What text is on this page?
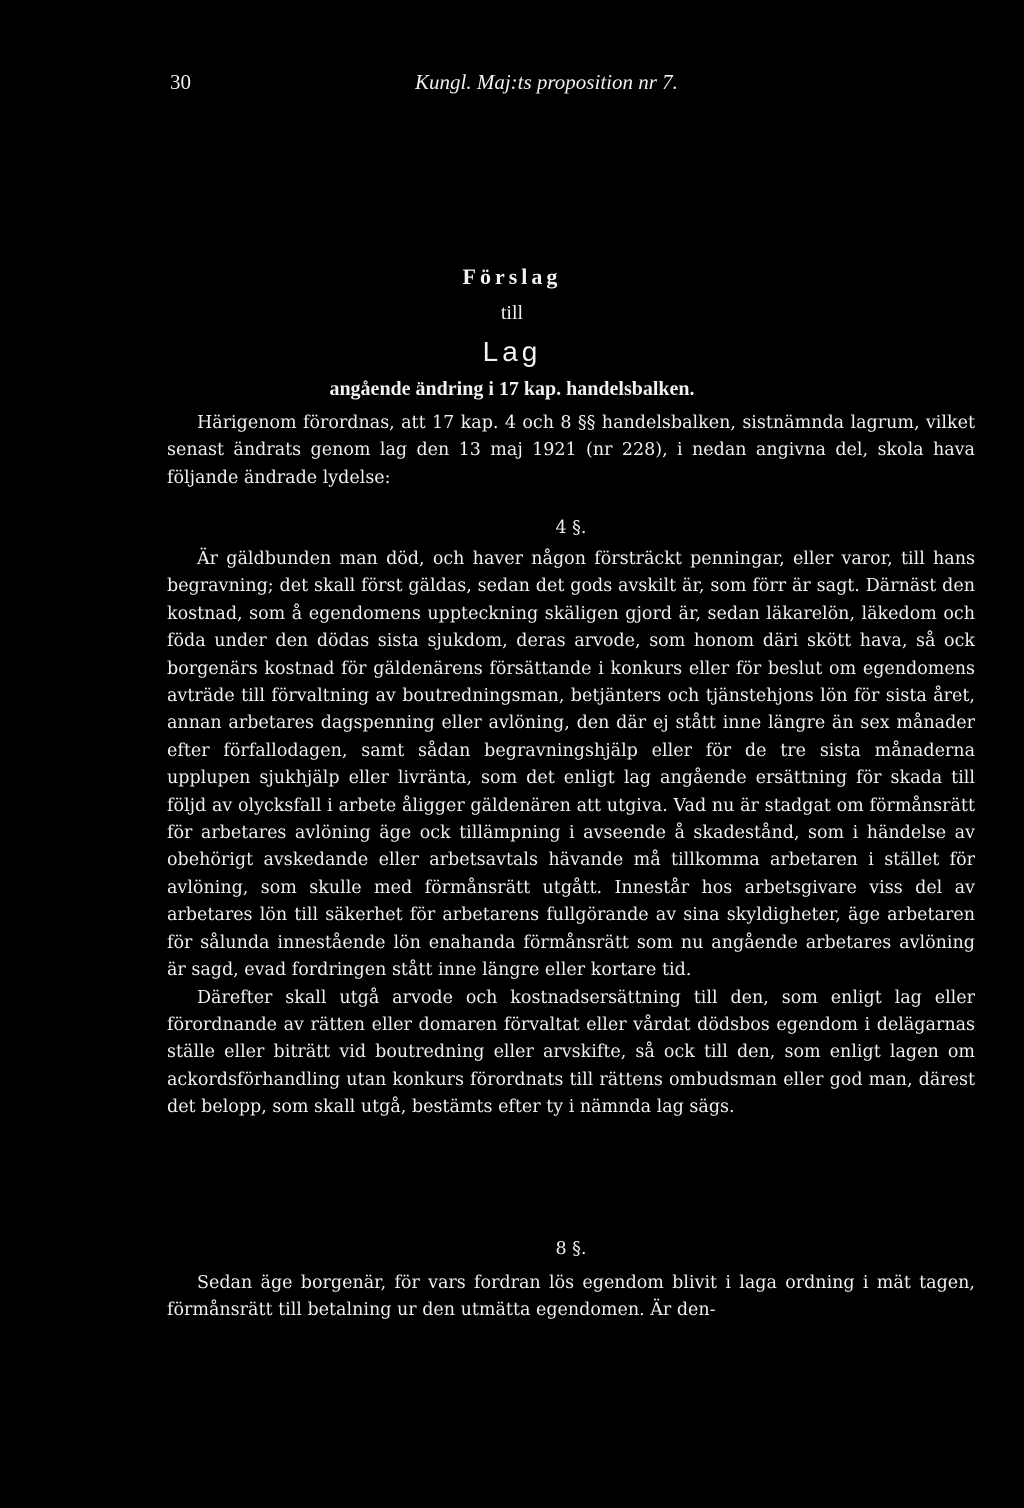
30	Kungl. Maj:ts proposition nr 7.
Förslag
till
Lag
angående ändring i 17 kap. handelsbalken.

Härigenom förordnas, att 17 kap. 4 och 8 §§ handelsbalken, sistnämnda lagrum, vilket senast ändrats genom lag den 13 maj 1921 (nr 228), i nedan angivna del, skola hava följande ändrade lydelse:

4 §.

Är gäldbunden man död, och haver någon försträckt penningar, eller varor, till hans begravning; det skall först gäldas, sedan det gods avskilt är, som förr är sagt. Därnäst den kostnad, som å egendomens uppteckning skäligen gjord är, sedan läkarelön, läkedom och föda under den dödas sista sjukdom, deras arvode, som honom däri skött hava, så ock borgenärs kostnad för gäldenärens försättande i konkurs eller för beslut om egendomens avträde till förvaltning av boutredningsman, betjänters och tjänstehjons lön för sista året, annan arbetares dagspenning eller avlöning, den där ej stått inne längre än sex månader efter förfallodagen, samt sådan begravningshjälp eller för de tre sista månaderna upplupen sjukhjälp eller livränta, som det enligt lag angående ersättning för skada till följd av olycksfall i arbete åligger gäldenären att utgiva. Vad nu är stadgat om förmånsrätt för arbetares avlöning äge ock tillämpning i avseende å skadestånd, som i händelse av obehörigt avskedande eller arbetsavtals hävande må tillkomma arbetaren i stället för avlöning, som skulle med förmånsrätt utgått. Innestår hos arbetsgivare viss del av arbetares lön till säkerhet för arbetarens fullgörande av sina skyldigheter, äge arbetaren för sålunda innestående lön enahanda förmånsrätt som nu angående arbetares avlöning är sagd, evad fordringen stått inne längre eller kortare tid.

Därefter skall utgå arvode och kostnadsersättning till den, som enligt lag eller förordnande av rätten eller domaren förvaltat eller vårdat dödsbos egendom i delägarnas ställe eller biträtt vid boutredning eller arvskifte, så ock till den, som enligt lagen om ackordsförhandling utan konkurs förordnats till rättens ombudsman eller god man, därest det belopp, som skall utgå, bestämts efter ty i nämnda lag sägs.

8 §.

Sedan äge borgenär, för vars fordran lös egendom blivit i laga ordning i mät tagen, förmånsrätt till betalning ur den utmätta egendomen. Är den-
